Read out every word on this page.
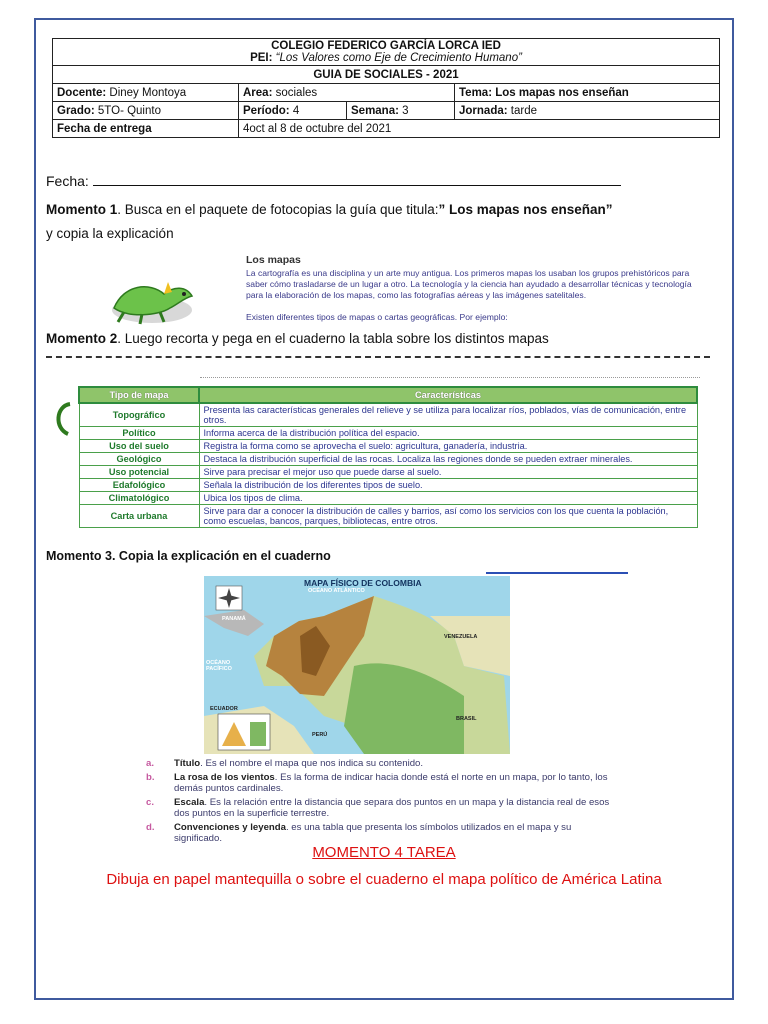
COLEGIO FEDERICO GARCÍA LORCA IED
PEI: “Los Valores como Eje de Crecimiento Humano”			
GUIA DE SOCIALES - 2021			
Docente: Diney Montoya	Area: sociales		Tema: Los mapas nos enseñan
Grado: 5TO- Quinto	Período: 4	Semana: 3	Jornada: tarde
Fecha de entrega	4oct al 8 de octubre del 2021		
Fecha:
Momento 1. Busca en el paquete de fotocopias la guía que titula:” Los mapas nos enseñan”
y copia la explicación
Los mapas
La cartografía es una disciplina y un arte muy antigua. Los primeros mapas los usaban los grupos prehistóricos para saber cómo trasladarse de un lugar a otro. La tecnología y la ciencia han ayudado a desarrollar técnicas y tecnología para la elaboración de los mapas, como las fotografías aéreas y las imágenes satelitales.
Existen diferentes tipos de mapas o cartas geográficas. Por ejemplo:
Momento 2. Luego recorta y pega en el cuaderno la tabla sobre los distintos mapas
Tipo de mapa	Características
Topográfico	Presenta las características generales del relieve y se utiliza para localizar ríos, poblados, vías de comunicación, entre otros.
Político	Informa acerca de la distribución política del espacio.
Uso del suelo	Registra la forma como se aprovecha el suelo: agricultura, ganadería, industria.
Geológico	Destaca la distribución superficial de las rocas. Localiza las regiones donde se pueden extraer minerales.
Uso potencial	Sirve para precisar el mejor uso que puede darse al suelo.
Edafológico	Señala la distribución de los diferentes tipos de suelo.
Climatológico	Ubica los tipos de clima.
Carta urbana	Sirve para dar a conocer la distribución de calles y barrios, así como los servicios con los que cuenta la población, como escuelas, bancos, parques, bibliotecas, entre otros.
Momento 3. Copia la explicación en el cuaderno
MAPA FÍSICO DE COLOMBIA
OCÉANO ATLÁNTICO
OCÉANO PACÍFICO
VENEZUELA
ECUADOR
PERÚ
BRASIL
PANAMÁ
a. Título. Es el nombre el mapa que nos indica su contenido.
b. La rosa de los vientos. Es la forma de indicar hacia donde está el norte en un mapa, por lo tanto, los demás puntos cardinales.
c. Escala. Es la relación entre la distancia que separa dos puntos en un mapa y la distancia real de esos dos puntos en la superficie terrestre.
d. Convenciones y leyenda. es una tabla que presenta los símbolos utilizados en el mapa y su significado.
MOMENTO 4 TAREA
Dibuja en papel mantequilla o sobre el cuaderno el mapa político de América Latina
